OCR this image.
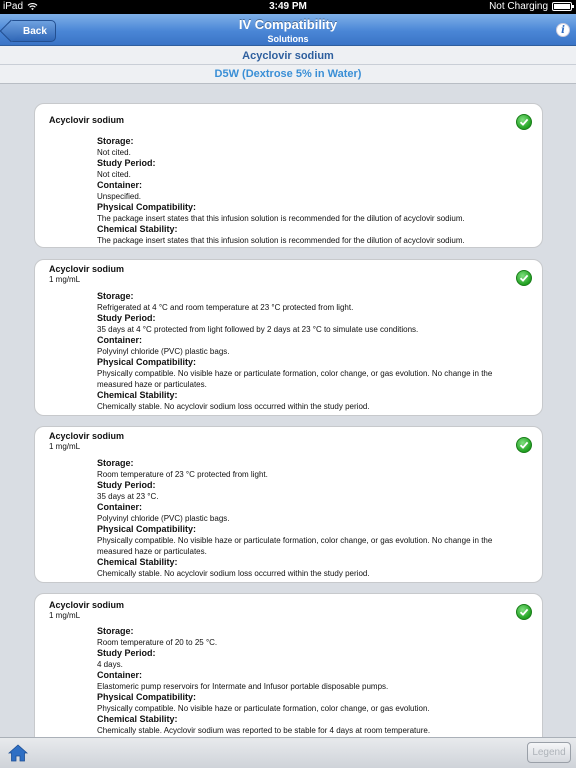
iPad	3:49 PM	Not Charging
Back	IV Compatibility
Solutions
i
Acyclovir sodium
D5W (Dextrose 5% in Water)
Acyclovir sodium
Storage:
Not cited.
Study Period:
Not cited.
Container:
Unspecified.
Physical Compatibility:
The package insert states that this infusion solution is recommended for the dilution of acyclovir sodium.
Chemical Stability:
The package insert states that this infusion solution is recommended for the dilution of acyclovir sodium.
Acyclovir sodium
1 mg/mL
Storage:
Refrigerated at 4 °C and room temperature at 23 °C protected from light.
Study Period:
35 days at 4 °C protected from light followed by 2 days at 23 °C to simulate use conditions.
Container:
Polyvinyl chloride (PVC) plastic bags.
Physical Compatibility:
Physically compatible. No visible haze or particulate formation, color change, or gas evolution. No change in the measured haze or particulates.
Chemical Stability:
Chemically stable. No acyclovir sodium loss occurred within the study period.
Acyclovir sodium
1 mg/mL
Storage:
Room temperature of 23 °C protected from light.
Study Period:
35 days at 23 °C.
Container:
Polyvinyl chloride (PVC) plastic bags.
Physical Compatibility:
Physically compatible. No visible haze or particulate formation, color change, or gas evolution. No change in the measured haze or particulates.
Chemical Stability:
Chemically stable. No acyclovir sodium loss occurred within the study period.
Acyclovir sodium
1 mg/mL
Storage:
Room temperature of 20 to 25 °C.
Study Period:
4 days.
Container:
Elastomeric pump reservoirs for Intermate and Infusor portable disposable pumps.
Physical Compatibility:
Physically compatible. No visible haze or particulate formation, color change, or gas evolution.
Chemical Stability:
Chemically stable. Acyclovir sodium was reported to be stable for 4 days at room temperature.
Legend
